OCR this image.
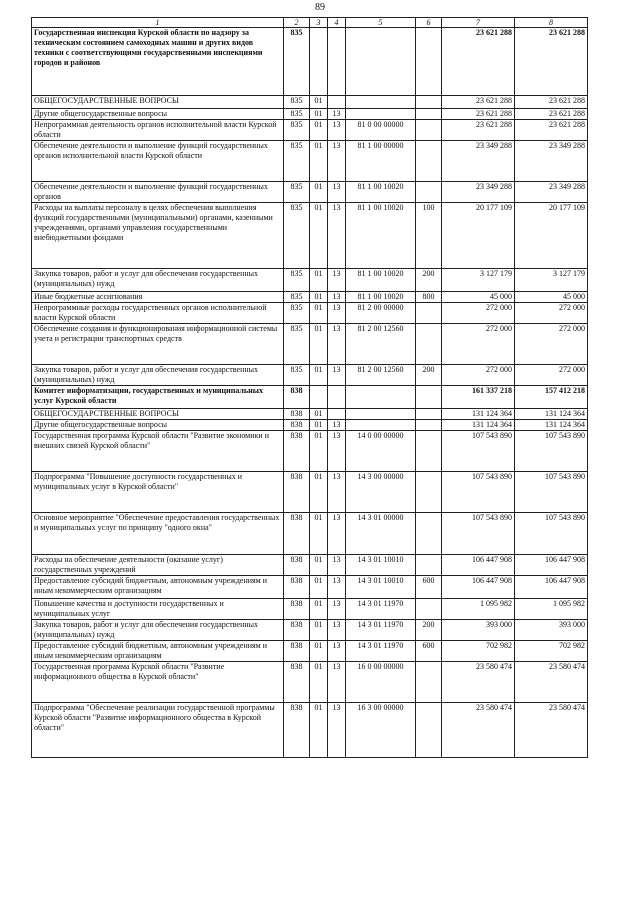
89
1	2	3	4	5	6	7	8
Государственная инспекция Курской области по надзору за техническим состоянием самоходных машин и других видов техники с соответствующими государственными инспекциями городов и районов	835					23 621 288	23 621 288
ОБЩЕГОСУДАРСТВЕННЫЕ ВОПРОСЫ	835	01				23 621 288	23 621 288
Другие общегосударственные вопросы	835	01	13			23 621 288	23 621 288
Непрограммная деятельность органов исполнительной власти Курской области	835	01	13	81 0 00 00000		23 621 288	23 621 288
Обеспечение деятельности и выполнение функций государственных органов исполнительной власти Курской области	835	01	13	81 1 00 00000		23 349 288	23 349 288
Обеспечение деятельности и выполнение функций государственных органов	835	01	13	81 1 00 10020		23 349 288	23 349 288
Расходы на выплаты персоналу в целях обеспечения выполнения функций государственными (муниципальными) органами, казенными учреждениями, органами управления государственными внебюджетными фондами	835	01	13	81 1 00 10020	100	20 177 109	20 177 109
Закупка товаров, работ и услуг для обеспечения государственных (муниципальных) нужд	835	01	13	81 1 00 10020	200	3 127 179	3 127 179
Иные бюджетные ассигнования	835	01	13	81 1 00 10020	800	45 000	45 000
Непрограммные расходы государственных органов исполнительной власти Курской области	835	01	13	81 2 00 00000		272 000	272 000
Обеспечение создания и функционирования информационной системы учета и регистрации транспортных средств	835	01	13	81 2 00 12560		272 000	272 000
Закупка товаров, работ и услуг для обеспечения государственных (муниципальных) нужд	835	01	13	81 2 00 12560	200	272 000	272 000
Комитет информатизации, государственных и муниципальных услуг Курской области	838					161 337 218	157 412 218
ОБЩЕГОСУДАРСТВЕННЫЕ ВОПРОСЫ	838	01				131 124 364	131 124 364
Другие общегосударственные вопросы	838	01	13			131 124 364	131 124 364
Государственная программа Курской области "Развитие экономики и внешних связей Курской области"	838	01	13	14 0 00 00000		107 543 890	107 543 890
Подпрограмма "Повышение доступности государственных и муниципальных услуг в Курской области"	838	01	13	14 3 00 00000		107 543 890	107 543 890
Основное мероприятие "Обеспечение предоставления государственных и муниципальных услуг по принципу "одного окна"	838	01	13	14 3 01 00000		107 543 890	107 543 890
Расходы на обеспечение деятельности (оказание услуг) государственных учреждений	838	01	13	14 3 01 10010		106 447 908	106 447 908
Предоставление субсидий бюджетным, автономным учреждениям и иным некоммерческим организациям	838	01	13	14 3 01 10010	600	106 447 908	106 447 908
Повышение качества и доступности государственных и муниципальных услуг	838	01	13	14 3 01 11970		1 095 982	1 095 982
Закупка товаров, работ и услуг для обеспечения государственных (муниципальных) нужд	838	01	13	14 3 01 11970	200	393 000	393 000
Предоставление субсидий бюджетным, автономным учреждениям и иным некоммерческим организациям	838	01	13	14 3 01 11970	600	702 982	702 982
Государственная программа Курской области "Развитие информационного общества в Курской области"	838	01	13	16 0 00 00000		23 580 474	23 580 474
Подпрограмма "Обеспечение реализации государственной программы Курской области "Развитие информационного общества в Курской области"	838	01	13	16 3 00 00000		23 580 474	23 580 474
